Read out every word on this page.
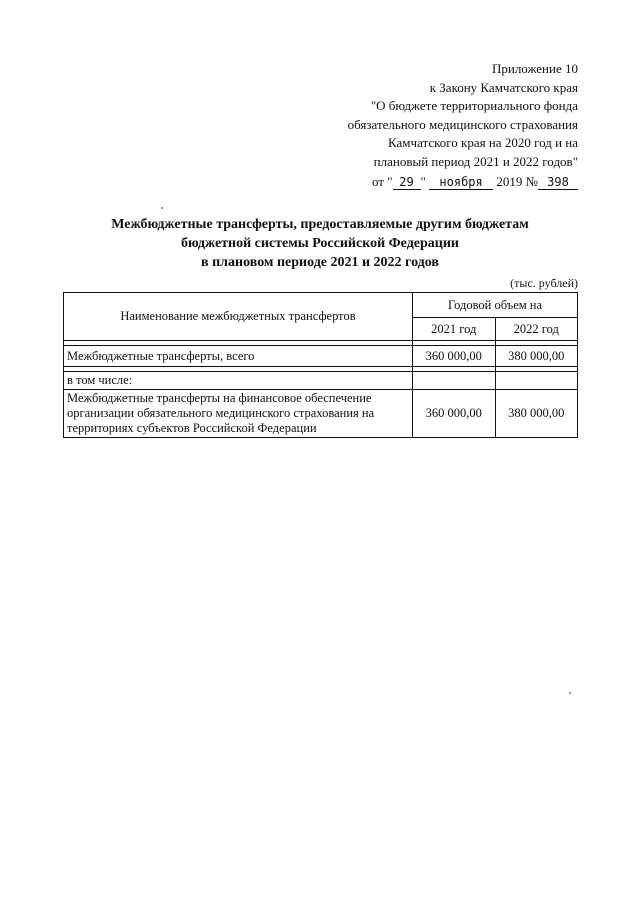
Приложение 10
к Закону Камчатского края
"О бюджете территориального фонда
обязательного медицинского страхования
Камчатского края на 2020 год и на
плановый период 2021 и 2022 годов"
от " 29 " ноября 2019 № 398
Межбюджетные трансферты, предоставляемые другим бюджетам
бюджетной системы Российской Федерации
в плановом периоде 2021 и 2022 годов
(тыс. рублей)
Наименование межбюджетных трансфертов	Годовой объем на	
	2021 год	2022 год

Межбюджетные трансферты, всего	360 000,00	380 000,00

в том числе:		
Межбюджетные трансферты на финансовое обеспечение организации обязательного медицинского страхования на территориях субъектов Российской Федерации	360 000,00	380 000,00
